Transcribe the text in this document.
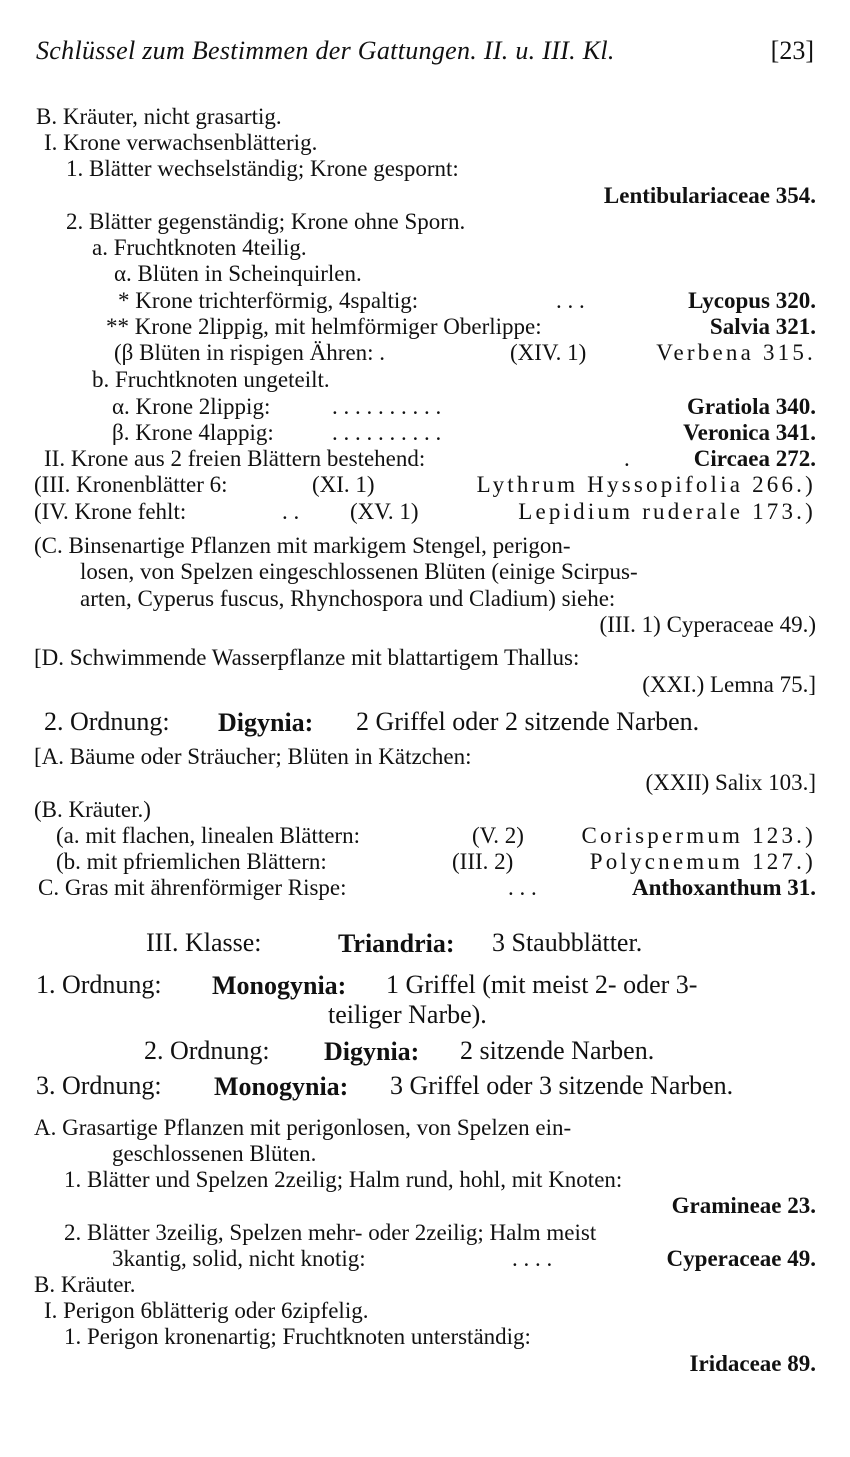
Schlüssel zum Bestimmen der Gattungen. II. u. III. Kl.	[23]
B. Kräuter, nicht grasartig.
I. Krone verwachsenblätterig.
1. Blätter wechselständig; Krone gespornt:
Lentibulariaceae 354.
2. Blätter gegenständig; Krone ohne Sporn.
a. Fruchtknoten 4teilig.
α. Blüten in Scheinquirlen.
* Krone trichterförmig, 4spaltig:	. . .	Lycopus 320.
** Krone 2lippig, mit helmförmiger Oberlippe:	Salvia 321.
(β Blüten in rispigen Ähren: .	(XIV. 1)	Verbena 315.
b. Fruchtknoten ungeteilt.
α. Krone 2lippig:	. . . . . . . . . .	Gratiola 340.
β. Krone 4lappig:	. . . . . . . . . .	Veronica 341.
II. Krone aus 2 freien Blättern bestehend:	.	Circaea 272.
(III. Kronenblätter 6:	(XI. 1)	Lythrum Hyssopifolia 266.)
(IV. Krone fehlt:	. . (XV. 1)	Lepidium ruderale 173.)
(C. Binsenartige Pflanzen mit markigem Stengel, perigon-
losen, von Spelzen eingeschlossenen Blüten (einige Scirpus-
arten, Cyperus fuscus, Rhynchospora und Cladium) siehe:
(III. 1) Cyperaceae 49.)
[D. Schwimmende Wasserpflanze mit blattartigem Thallus:
(XXI.) Lemna 75.]
2. Ordnung: Digynia: 2 Griffel oder 2 sitzende Narben.
[A. Bäume oder Sträucher; Blüten in Kätzchen:
(XXII) Salix 103.]
(B. Kräuter.)
(a. mit flachen, linealen Blättern:	(V. 2) Corispermum 123.)
(b. mit pfriemlichen Blättern:	(III. 2)	Polycnemum 127.)
C. Gras mit ährenförmiger Rispe:	. . .	Anthoxanthum 31.
III. Klasse:	Triandria: 3 Staubblätter.
1. Ordnung: Monogynia: 1 Griffel (mit meist 2- oder 3-
teiliger Narbe).
2. Ordnung: Digynia: 2 sitzende Narben.
3. Ordnung: Monogynia: 3 Griffel oder 3 sitzende Narben.
A. Grasartige Pflanzen mit perigonlosen, von Spelzen ein-
geschlossenen Blüten.
1. Blätter und Spelzen 2zeilig; Halm rund, hohl, mit Knoten:
Gramineae 23.
2. Blätter 3zeilig, Spelzen mehr- oder 2zeilig; Halm meist
3kantig, solid, nicht knotig:	. . . .	Cyperaceae 49.
B. Kräuter.
I. Perigon 6blätterig oder 6zipfelig.
1. Perigon kronenartig; Fruchtknoten unterständig:
Iridaceae 89.
